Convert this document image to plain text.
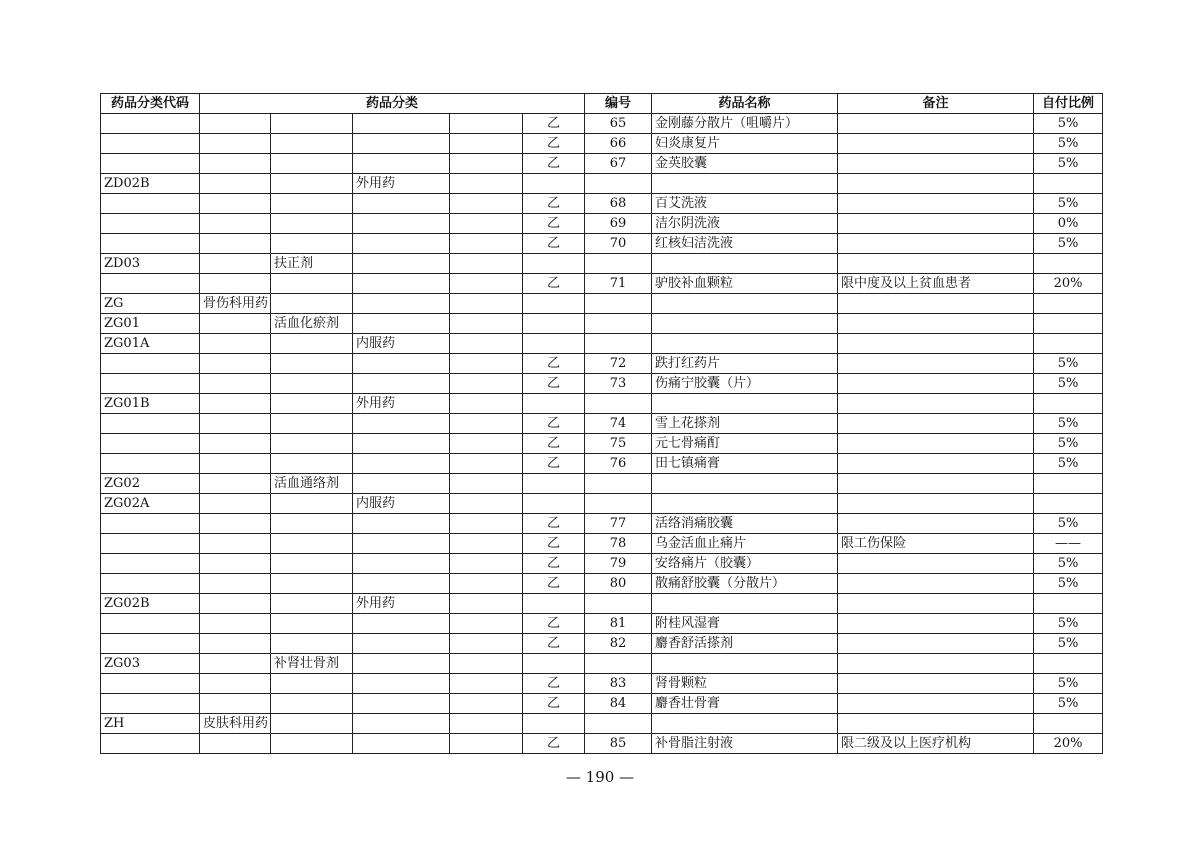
药品分类代码	药品分类					编号	药品名称	备注	自付比例
					乙	65	金刚藤分散片（咀嚼片）		5%
					乙	66	妇炎康复片		5%
					乙	67	金英胶囊		5%
ZD02B			外用药						
					乙	68	百艾洗液		5%
					乙	69	洁尔阴洗液		0%
					乙	70	红核妇洁洗液		5%
ZD03		扶正剂							
					乙	71	驴胶补血颗粒	限中度及以上贫血患者	20%
ZG	骨伤科用药								
ZG01		活血化瘀剂							
ZG01A			内服药						
					乙	72	跌打红药片		5%
					乙	73	伤痛宁胶囊（片）		5%
ZG01B			外用药						
					乙	74	雪上花搽剂		5%
					乙	75	元七骨痛酊		5%
					乙	76	田七镇痛膏		5%
ZG02		活血通络剂							
ZG02A			内服药						
					乙	77	活络消痛胶囊		5%
					乙	78	乌金活血止痛片	限工伤保险	——
					乙	79	安络痛片（胶囊）		5%
					乙	80	散痛舒胶囊（分散片）		5%
ZG02B			外用药						
					乙	81	附桂风湿膏		5%
					乙	82	麝香舒活搽剂		5%
ZG03		补肾壮骨剂							
					乙	83	肾骨颗粒		5%
					乙	84	麝香壮骨膏		5%
ZH	皮肤科用药								
					乙	85	补骨脂注射液	限二级及以上医疗机构	20%
— 190 —
